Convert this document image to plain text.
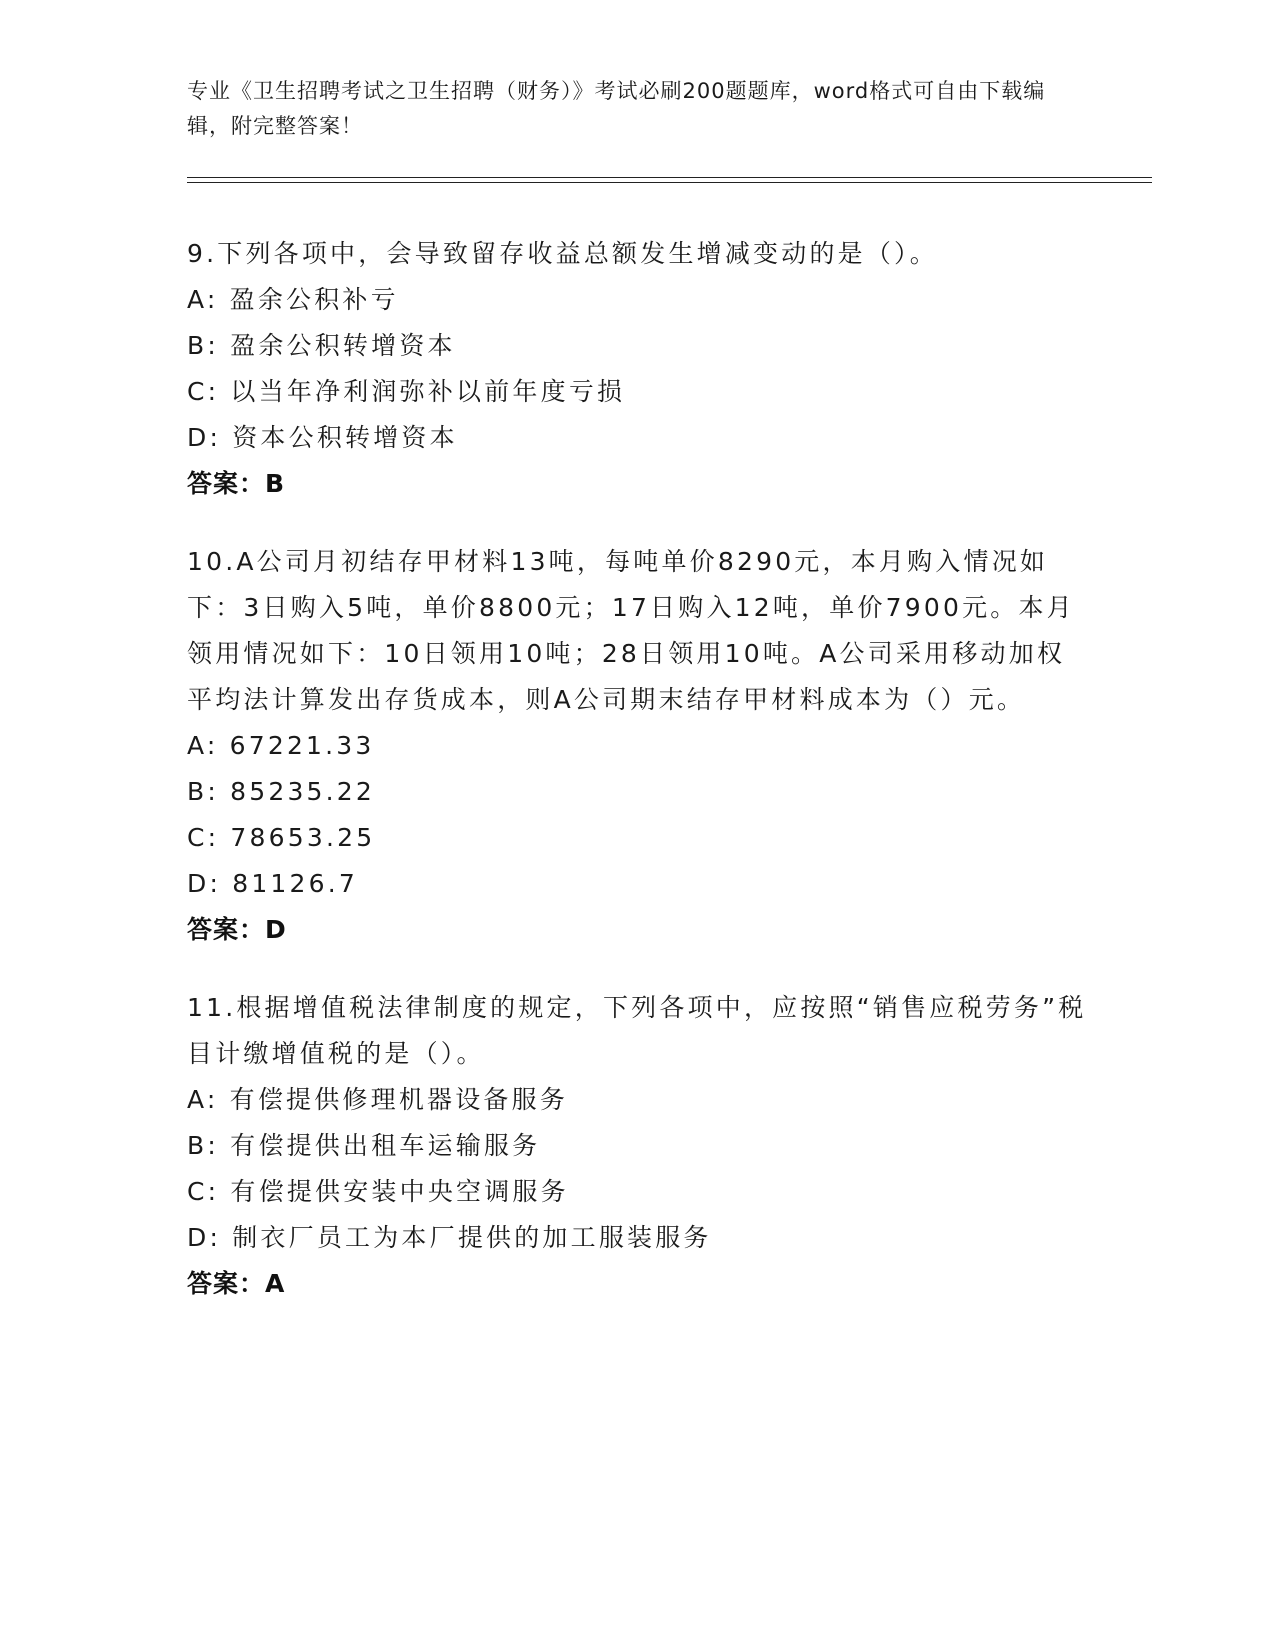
专业《卫生招聘考试之卫生招聘（财务）》考试必刷200题题库，word格式可自由下载编辑，附完整答案！

9.下列各项中，会导致留存收益总额发生增减变动的是（）。

A: 盈余公积补亏

B: 盈余公积转增资本

C: 以当年净利润弥补以前年度亏损

D: 资本公积转增资本

答案：B

10.A公司月初结存甲材料13吨，每吨单价8290元，本月购入情况如下：3日购入5吨，单价8800元；17日购入12吨，单价7900元。本月领用情况如下：10日领用10吨；28日领用10吨。A公司采用移动加权平均法计算发出存货成本，则A公司期末结存甲材料成本为（）元。

A: 67221.33

B: 85235.22

C: 78653.25

D: 81126.7

答案：D

11.根据增值税法律制度的规定，下列各项中，应按照“销售应税劳务”税目计缴增值税的是（）。

A: 有偿提供修理机器设备服务

B: 有偿提供出租车运输服务

C: 有偿提供安装中央空调服务

D: 制衣厂员工为本厂提供的加工服装服务

答案：A
